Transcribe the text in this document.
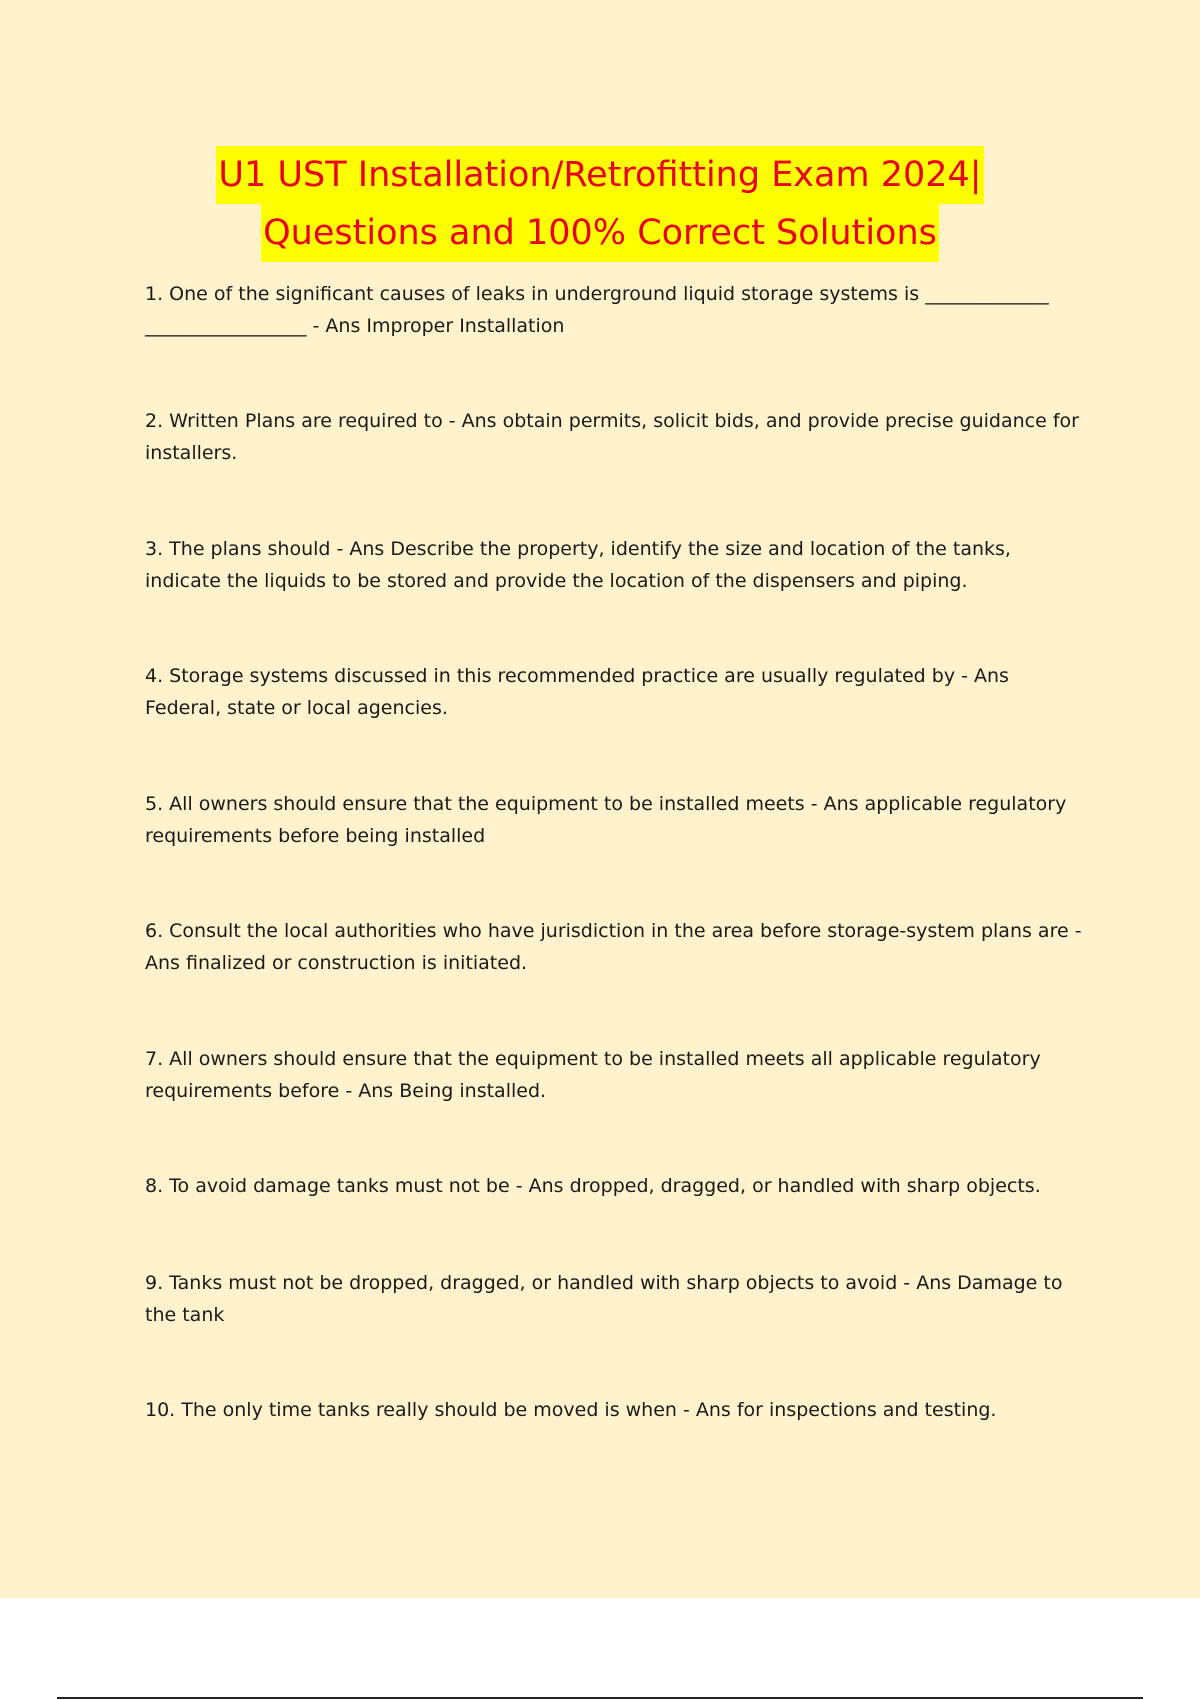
U1 UST Installation/Retrofitting Exam 2024|
Questions and 100% Correct Solutions
1. One of the significant causes of leaks in underground liquid storage systems is _____________ _________________ - Ans Improper Installation
2. Written Plans are required to - Ans obtain permits, solicit bids, and provide precise guidance for installers.
3. The plans should - Ans Describe the property, identify the size and location of the tanks, indicate the liquids to be stored and provide the location of the dispensers and piping.
4. Storage systems discussed in this recommended practice are usually regulated by - Ans Federal, state or local agencies.
5. All owners should ensure that the equipment to be installed meets - Ans applicable regulatory requirements before being installed
6. Consult the local authorities who have jurisdiction in the area before storage-system plans are - Ans finalized or construction is initiated.
7. All owners should ensure that the equipment to be installed meets all applicable regulatory requirements before - Ans Being installed.
8. To avoid damage tanks must not be - Ans dropped, dragged, or handled with sharp objects.
9. Tanks must not be dropped, dragged, or handled with sharp objects to avoid - Ans Damage to the tank
10. The only time tanks really should be moved is when - Ans for inspections and testing.
